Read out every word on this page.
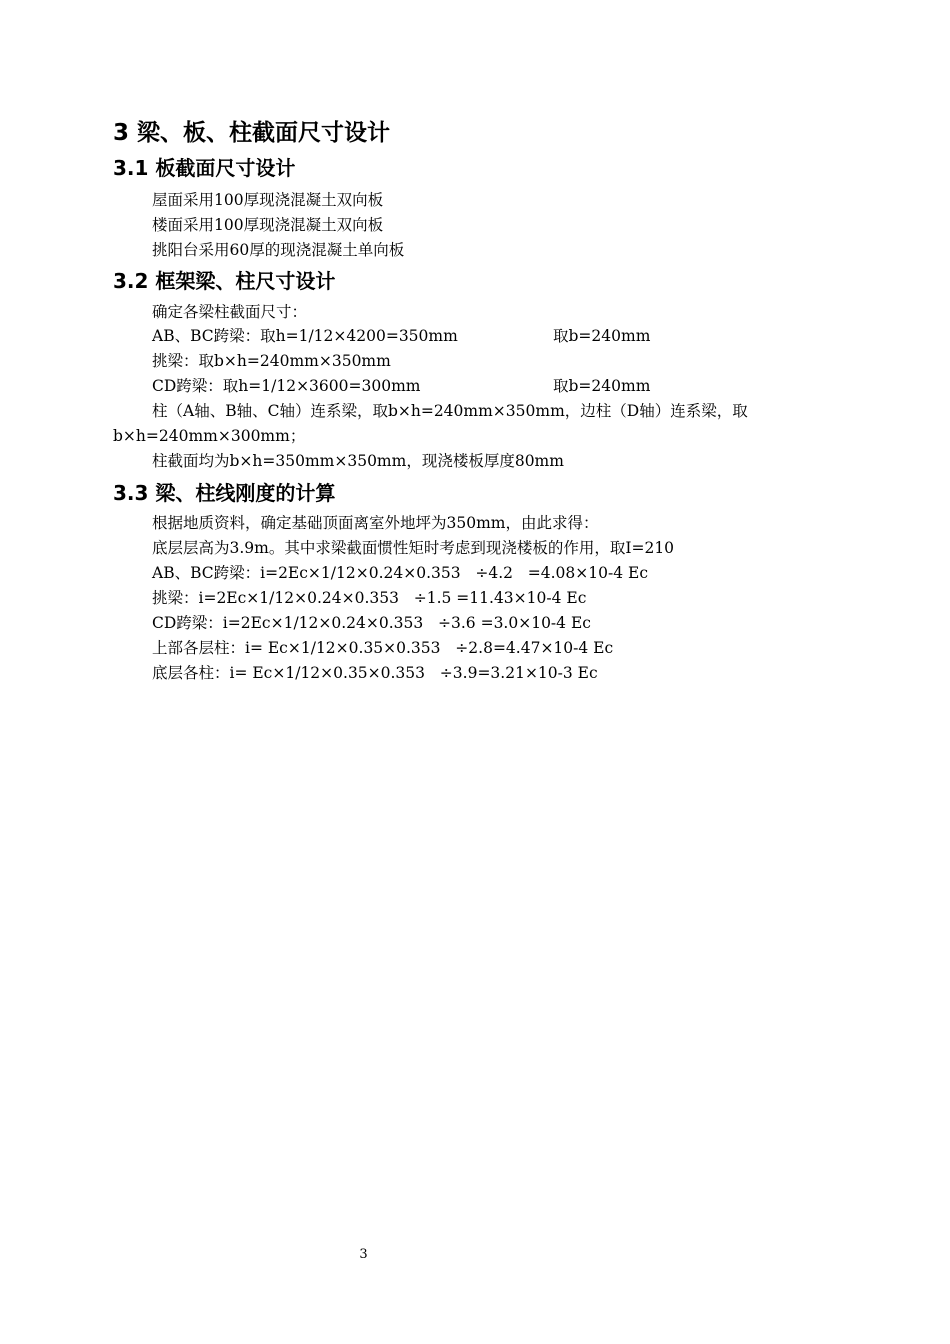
3 梁、板、柱截面尺寸设计
3.1 板截面尺寸设计
屋面采用100厚现浇混凝土双向板
楼面采用100厚现浇混凝土双向板
挑阳台采用60厚的现浇混凝土单向板
3.2 框架梁、柱尺寸设计
确定各梁柱截面尺寸：
AB、BC跨梁：取h=1/12×4200=350mm	取b=240mm
挑梁：取b×h=240mm×350mm
CD跨梁：取h=1/12×3600=300mm	取b=240mm
柱（A轴、B轴、C轴）连系梁，取b×h=240mm×350mm，边柱（D轴）连系梁，取
b×h=240mm×300mm；
柱截面均为b×h=350mm×350mm，现浇楼板厚度80mm
3.3 梁、柱线刚度的计算
根据地质资料，确定基础顶面离室外地坪为350mm，由此求得：
底层层高为3.9m。其中求梁截面惯性矩时考虑到现浇楼板的作用，取I=210
AB、BC跨梁：i=2Ec×1/12×0.24×0.353   ÷4.2   =4.08×10-4 Ec
挑梁：i=2Ec×1/12×0.24×0.353   ÷1.5 =11.43×10-4 Ec
CD跨梁：i=2Ec×1/12×0.24×0.353   ÷3.6 =3.0×10-4 Ec
上部各层柱：i= Ec×1/12×0.35×0.353   ÷2.8=4.47×10-4 Ec
底层各柱：i= Ec×1/12×0.35×0.353   ÷3.9=3.21×10-3 Ec
3
